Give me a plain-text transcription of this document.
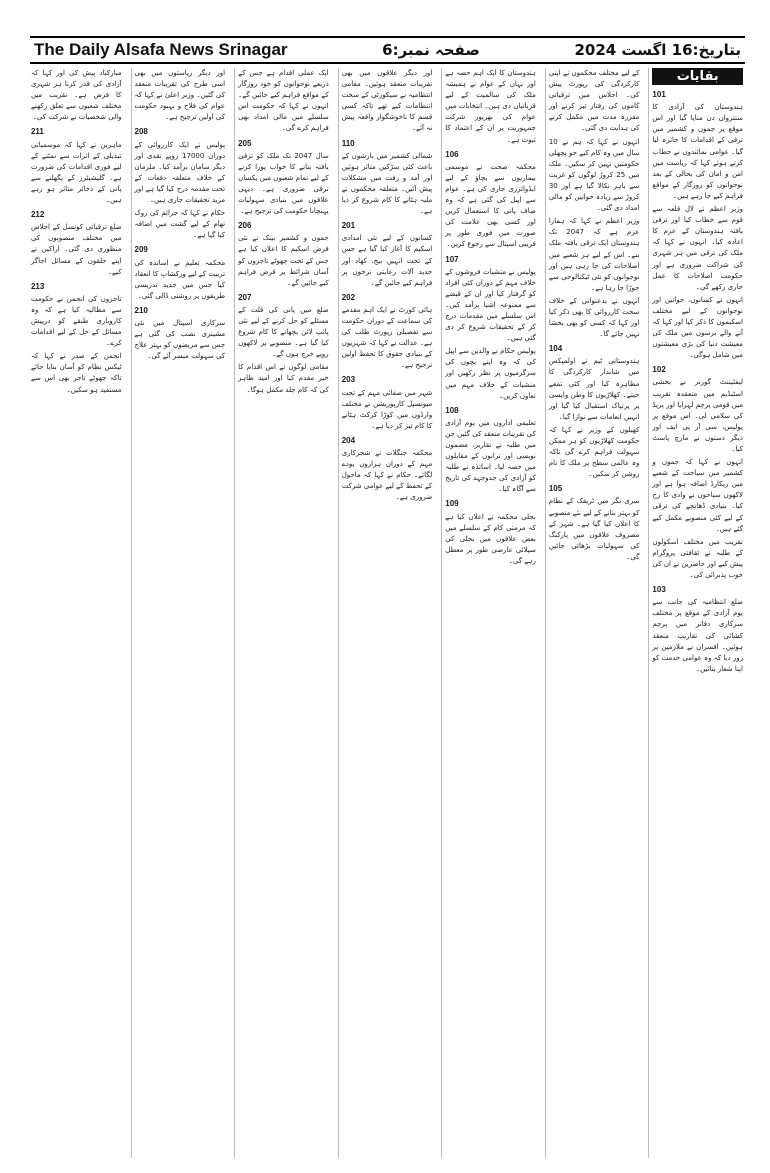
The Daily Alsafa News Srinagar	صفحہ نمبر:6	بتاریخ:16 اگست 2024
بقایات
101

ہندوستان کی آزادی کا ستترواں دن منایا گیا اور اس موقع پر جموں و کشمیر میں ترقی کے اقدامات کا جائزہ لیا گیا۔ عوامی نمائندوں نے خطاب کرتے ہوئے کہا کہ ریاست میں امن و امان کی بحالی کے بعد نوجوانوں کو روزگار کے مواقع فراہم کیے جا رہے ہیں۔

وزیر اعظم نے لال قلعہ سے قوم سے خطاب کیا اور ترقی یافتہ ہندوستان کے عزم کا اعادہ کیا۔ انہوں نے کہا کہ ملک کی ترقی میں ہر شہری کی شراکت ضروری ہے اور حکومت اصلاحات کا عمل جاری رکھے گی۔

انہوں نے کسانوں، خواتین اور نوجوانوں کے لیے مختلف اسکیموں کا ذکر کیا اور کہا کہ آنے والے برسوں میں ملک کی معیشت دنیا کی بڑی معیشتوں میں شامل ہوگی۔

102

لیفٹیننٹ گورنر نے بخشی اسٹیڈیم میں منعقدہ تقریب میں قومی پرچم لہرایا اور پریڈ کی سلامی لی۔ اس موقع پر پولیس، سی آر پی ایف اور دیگر دستوں نے مارچ پاسٹ کیا۔

انہوں نے کہا کہ جموں و کشمیر میں سیاحت کے شعبے میں ریکارڈ اضافہ ہوا ہے اور لاکھوں سیاحوں نے وادی کا رخ کیا۔ بنیادی ڈھانچے کی ترقی کے لیے کئی منصوبے مکمل کیے گئے ہیں۔

تقریب میں مختلف اسکولوں کے طلبہ نے ثقافتی پروگرام پیش کیے اور حاضرین نے ان کی خوب پذیرائی کی۔

103

ضلع انتظامیہ کی جانب سے یوم آزادی کے موقع پر مختلف سرکاری دفاتر میں پرچم کشائی کی تقاریب منعقد ہوئیں۔ افسران نے ملازمین پر زور دیا کہ وہ عوامی خدمت کو اپنا شعار بنائیں۔

کے لیے مختلف محکموں نے اپنی کارکردگی کی رپورٹ پیش کی۔ اجلاس میں ترقیاتی کاموں کی رفتار تیز کرنے اور مقررہ مدت میں مکمل کرنے کی ہدایت دی گئی۔

انہوں نے کہا کہ ہم نے 10 سال میں وہ کام کیے جو پچھلی حکومتیں نہیں کر سکیں۔ ملک میں 25 کروڑ لوگوں کو غربت سے باہر نکالا گیا ہے اور 30 کروڑ سے زیادہ خواتین کو مالی امداد دی گئی۔

وزیر اعظم نے کہا کہ ہمارا عزم ہے کہ 2047 تک ہندوستان ایک ترقی یافتہ ملک بنے۔ اس کے لیے ہر شعبے میں اصلاحات کی جا رہی ہیں اور نوجوانوں کو نئی ٹیکنالوجی سے جوڑا جا رہا ہے۔

انہوں نے بدعنوانی کے خلاف سخت کارروائی کا بھی ذکر کیا اور کہا کہ کسی کو بھی بخشا نہیں جائے گا۔

104

ہندوستانی ٹیم نے اولمپکس میں شاندار کارکردگی کا مظاہرہ کیا اور کئی تمغے جیتے۔ کھلاڑیوں کا وطن واپسی پر پرتپاک استقبال کیا گیا اور انہیں انعامات سے نوازا گیا۔

کھیلوں کے وزیر نے کہا کہ حکومت کھلاڑیوں کو ہر ممکن سہولت فراہم کرے گی تاکہ وہ عالمی سطح پر ملک کا نام روشن کر سکیں۔

105

سری نگر میں ٹریفک کے نظام کو بہتر بنانے کے لیے نئے منصوبے کا اعلان کیا گیا ہے۔ شہر کے مصروف علاقوں میں پارکنگ کی سہولیات بڑھائی جائیں گی۔

ہندوستان کا ایک اہم حصہ ہے اور یہاں کے عوام نے ہمیشہ ملک کی سالمیت کے لیے قربانیاں دی ہیں۔ انتخابات میں عوام کی بھرپور شرکت جمہوریت پر ان کے اعتماد کا ثبوت ہے۔

106

محکمہ صحت نے موسمی بیماریوں سے بچاؤ کے لیے ایڈوائزری جاری کی ہے۔ عوام سے اپیل کی گئی ہے کہ وہ صاف پانی کا استعمال کریں اور کسی بھی علامت کی صورت میں فوری طور پر قریبی اسپتال سے رجوع کریں۔

107

پولیس نے منشیات فروشوں کے خلاف مہم کے دوران کئی افراد کو گرفتار کیا اور ان کے قبضے سے ممنوعہ اشیا برآمد کیں۔ اس سلسلے میں مقدمات درج کر کے تحقیقات شروع کر دی گئی ہیں۔

پولیس حکام نے والدین سے اپیل کی کہ وہ اپنے بچوں کی سرگرمیوں پر نظر رکھیں اور منشیات کے خلاف مہم میں تعاون کریں۔

108

تعلیمی اداروں میں یوم آزادی کی تقریبات منعقد کی گئیں جن میں طلبہ نے تقاریر، مضمون نویسی اور ترانوں کے مقابلوں میں حصہ لیا۔ اساتذہ نے طلبہ کو آزادی کی جدوجہد کی تاریخ سے آگاہ کیا۔

109

بجلی محکمہ نے اعلان کیا ہے کہ مرمتی کام کے سلسلے میں بعض علاقوں میں بجلی کی سپلائی عارضی طور پر معطل رہے گی۔

اور دیگر علاقوں میں بھی تقریبات منعقد ہوئیں۔ مقامی انتظامیہ نے سیکورٹی کے سخت انتظامات کیے تھے تاکہ کسی قسم کا ناخوشگوار واقعہ پیش نہ آئے۔

110

شمالی کشمیر میں بارشوں کے باعث کئی سڑکیں متاثر ہوئیں اور آمد و رفت میں مشکلات پیش آئیں۔ متعلقہ محکموں نے ملبہ ہٹانے کا کام شروع کر دیا ہے۔

201

کسانوں کے لیے نئی امدادی اسکیم کا آغاز کیا گیا ہے جس کے تحت انہیں بیج، کھاد اور جدید آلات رعایتی نرخوں پر فراہم کیے جائیں گے۔

202

ہائی کورٹ نے ایک اہم مقدمے کی سماعت کے دوران حکومت سے تفصیلی رپورٹ طلب کی ہے۔ عدالت نے کہا کہ شہریوں کے بنیادی حقوق کا تحفظ اولین ترجیح ہے۔

203

شہر میں صفائی مہم کے تحت میونسپل کارپوریشن نے مختلف وارڈوں میں کوڑا کرکٹ ہٹانے کا کام تیز کر دیا ہے۔

204

محکمہ جنگلات نے شجرکاری مہم کے دوران ہزاروں پودے لگائے۔ حکام نے کہا کہ ماحول کے تحفظ کے لیے عوامی شرکت ضروری ہے۔

ایک عملی اقدام ہے جس کے ذریعے نوجوانوں کو خود روزگار کے مواقع فراہم کیے جائیں گے۔ انہوں نے کہا کہ حکومت اس سلسلے میں مالی امداد بھی فراہم کرے گی۔

205

سال 2047 تک ملک کو ترقی یافتہ بنانے کا خواب پورا کرنے کے لیے تمام شعبوں میں یکساں ترقی ضروری ہے۔ دیہی علاقوں میں بنیادی سہولیات پہنچانا حکومت کی ترجیح ہے۔

206

جموں و کشمیر بینک نے نئی قرض اسکیم کا اعلان کیا ہے جس کے تحت چھوٹے تاجروں کو آسان شرائط پر قرض فراہم کیے جائیں گے۔

207

ضلع میں پانی کی قلت کے مسئلے کو حل کرنے کے لیے نئی پائپ لائن بچھانے کا کام شروع کیا گیا ہے۔ منصوبے پر لاکھوں روپے خرچ ہوں گے۔

مقامی لوگوں نے اس اقدام کا خیر مقدم کیا اور امید ظاہر کی کہ کام جلد مکمل ہوگا۔

اور دیگر ریاستوں میں بھی اسی طرح کی تقریبات منعقد کی گئیں۔ وزیر اعلیٰ نے کہا کہ عوام کی فلاح و بہبود حکومت کی اولین ترجیح ہے۔

208

پولیس نے ایک کارروائی کے دوران 17000 روپے نقدی اور دیگر سامان برآمد کیا۔ ملزمان کے خلاف متعلقہ دفعات کے تحت مقدمہ درج کیا گیا ہے اور مزید تحقیقات جاری ہیں۔

حکام نے کہا کہ جرائم کی روک تھام کے لیے گشت میں اضافہ کیا گیا ہے۔

209

محکمہ تعلیم نے اساتذہ کی تربیت کے لیے ورکشاپ کا انعقاد کیا جس میں جدید تدریسی طریقوں پر روشنی ڈالی گئی۔

210

سرکاری اسپتال میں نئی مشینری نصب کی گئی ہے جس سے مریضوں کو بہتر علاج کی سہولت میسر آئے گی۔

مبارکباد پیش کی اور کہا کہ آزادی کی قدر کرنا ہر شہری کا فرض ہے۔ تقریب میں مختلف شعبوں سے تعلق رکھنے والی شخصیات نے شرکت کی۔

211

ماہرین نے کہا کہ موسمیاتی تبدیلی کے اثرات سے نمٹنے کے لیے فوری اقدامات کی ضرورت ہے۔ گلیشیئرز کے پگھلنے سے پانی کے ذخائر متاثر ہو رہے ہیں۔

212

ضلع ترقیاتی کونسل کے اجلاس میں مختلف منصوبوں کی منظوری دی گئی۔ اراکین نے اپنے حلقوں کے مسائل اجاگر کیے۔

213

تاجروں کی انجمن نے حکومت سے مطالبہ کیا ہے کہ وہ کاروباری طبقے کو درپیش مسائل کے حل کے لیے اقدامات کرے۔

انجمن کے صدر نے کہا کہ ٹیکس نظام کو آسان بنایا جائے تاکہ چھوٹے تاجر بھی اس سے مستفید ہو سکیں۔
